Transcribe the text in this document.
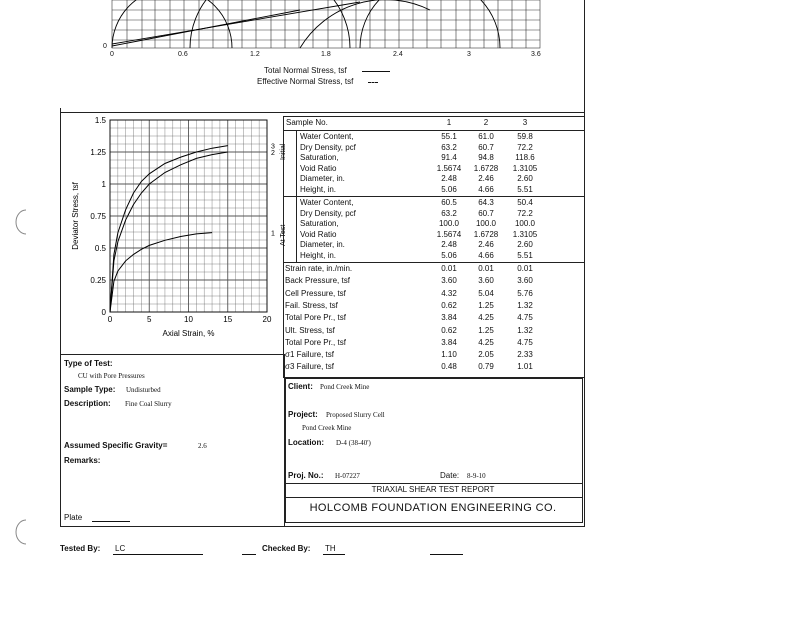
0
0	0.6	1.2	1.8	2.4	3	3.6
Total Normal Stress, tsf
Effective Normal Stress, tsf
0	5	10	15	20
0
0.25
0.5
0.75
1
1.25
1.5
Axial Strain, %
Deviator Stress, tsf
3
2
1
Sample No.	1	2	3
Initial
At Test
Water Content,	55.1	61.0	59.8
Dry Density, pcf	63.2	60.7	72.2
Saturation,	91.4	94.8	118.6
Void Ratio	1.5674	1.6728	1.3105
Diameter, in.	2.48	2.46	2.60
Height, in.	5.06	4.66	5.51
Water Content,	60.5	64.3	50.4
Dry Density, pcf	63.2	60.7	72.2
Saturation,	100.0	100.0	100.0
Void Ratio	1.5674	1.6728	1.3105
Diameter, in.	2.48	2.46	2.60
Height, in.	5.06	4.66	5.51
Strain rate, in./min.	0.01	0.01	0.01
Back Pressure, tsf	3.60	3.60	3.60
Cell Pressure, tsf	4.32	5.04	5.76
Fail. Stress, tsf	0.62	1.25	1.32
Total Pore Pr., tsf	3.84	4.25	4.75
Ult. Stress, tsf	0.62	1.25	1.32
Total Pore Pr., tsf	3.84	4.25	4.75
σ1 Failure, tsf	1.10	2.05	2.33
σ3 Failure, tsf	0.48	0.79	1.01
Type of Test:
CU with Pore Pressures
Sample Type: Undisturbed
Description: Fine Coal Slurry
Assumed Specific Gravity=	2.6
Remarks:
Plate
Client: Pond Creek Mine
Project: Proposed Slurry Cell
Pond Creek Mine
Location: D-4 (38-40')
Proj. No.: H-07227	Date: 8-9-10
TRIAXIAL SHEAR TEST REPORT
HOLCOMB FOUNDATION ENGINEERING CO.
Tested By: LC	Checked By: TH
